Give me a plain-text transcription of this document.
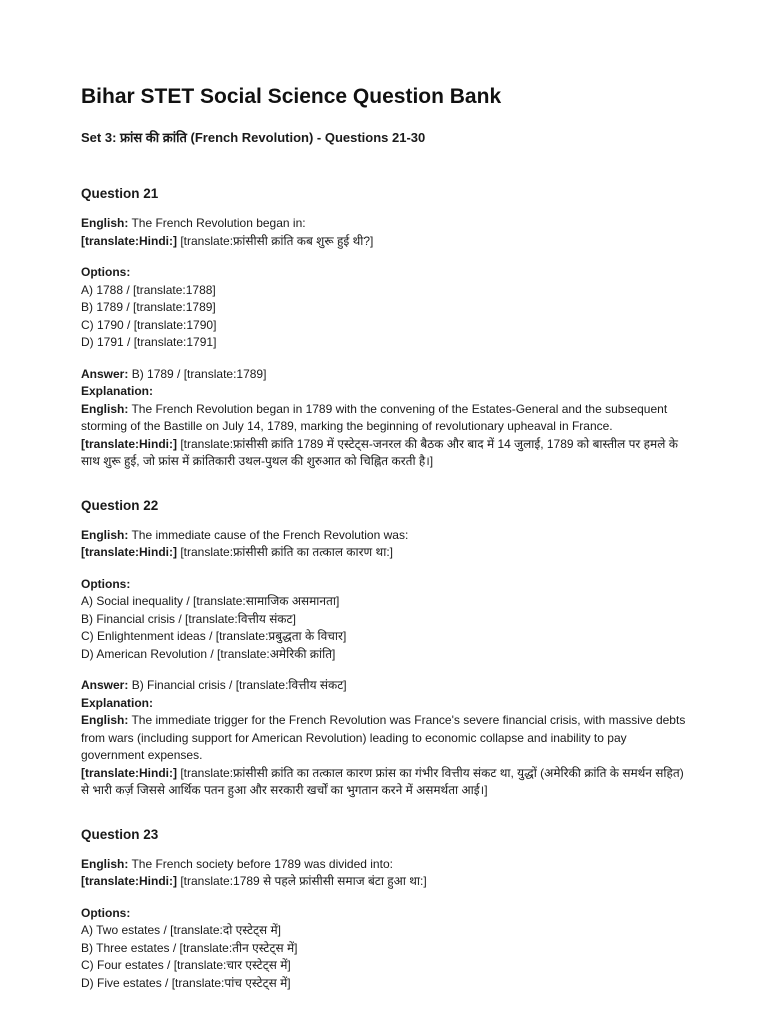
Bihar STET Social Science Question Bank

Set 3: फ्रांस की क्रांति (French Revolution) - Questions 21-30

Question 21

English: The French Revolution began in:

[translate:Hindi:] [translate:फ्रांसीसी क्रांति कब शुरू हुई थी?]

Options:

A) 1788 / [translate:1788]

B) 1789 / [translate:1789]

C) 1790 / [translate:1790]

D) 1791 / [translate:1791]

Answer: B) 1789 / [translate:1789]

Explanation:

English: The French Revolution began in 1789 with the convening of the Estates-General and the subsequent storming of the Bastille on July 14, 1789, marking the beginning of revolutionary upheaval in France.

[translate:Hindi:] [translate:फ्रांसीसी क्रांति 1789 में एस्टेट्स-जनरल की बैठक और बाद में 14 जुलाई, 1789 को बास्तील पर हमले के साथ शुरू हुई, जो फ्रांस में क्रांतिकारी उथल-पुथल की शुरुआत को चिह्नित करती है।]

Question 22

English: The immediate cause of the French Revolution was:

[translate:Hindi:] [translate:फ्रांसीसी क्रांति का तत्काल कारण था:]

Options:

A) Social inequality / [translate:सामाजिक असमानता]

B) Financial crisis / [translate:वित्तीय संकट]

C) Enlightenment ideas / [translate:प्रबुद्धता के विचार]

D) American Revolution / [translate:अमेरिकी क्रांति]

Answer: B) Financial crisis / [translate:वित्तीय संकट]

Explanation:

English: The immediate trigger for the French Revolution was France's severe financial crisis, with massive debts from wars (including support for American Revolution) leading to economic collapse and inability to pay government expenses.

[translate:Hindi:] [translate:फ्रांसीसी क्रांति का तत्काल कारण फ्रांस का गंभीर वित्तीय संकट था, युद्धों (अमेरिकी क्रांति के समर्थन सहित) से भारी कर्ज़ जिससे आर्थिक पतन हुआ और सरकारी खर्चों का भुगतान करने में असमर्थता आई।]

Question 23

English: The French society before 1789 was divided into:

[translate:Hindi:] [translate:1789 से पहले फ्रांसीसी समाज बंटा हुआ था:]

Options:

A) Two estates / [translate:दो एस्टेट्स में]

B) Three estates / [translate:तीन एस्टेट्स में]

C) Four estates / [translate:चार एस्टेट्स में]

D) Five estates / [translate:पांच एस्टेट्स में]
